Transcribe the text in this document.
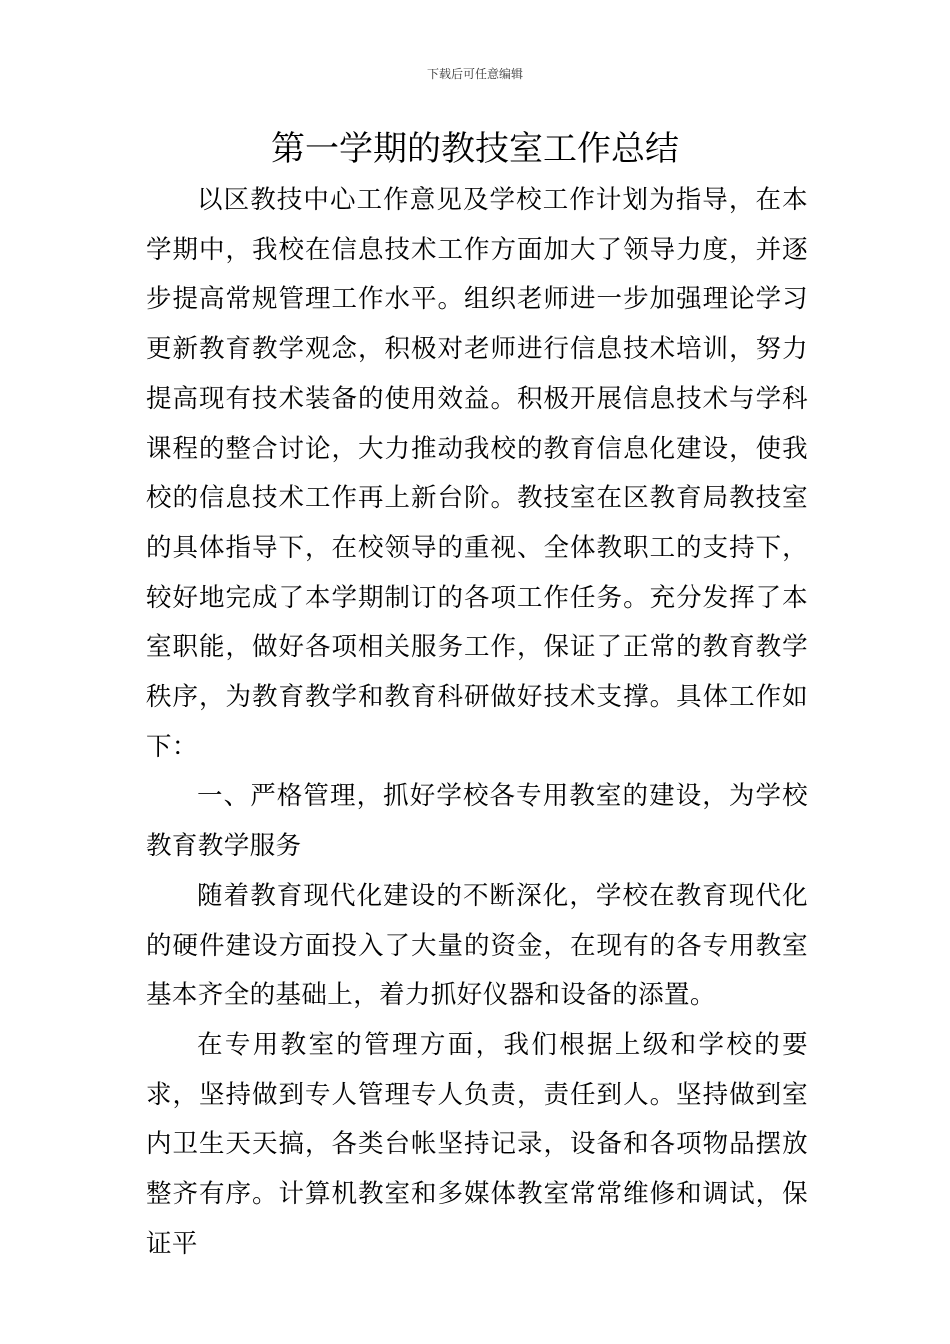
下载后可任意编辑
第一学期的教技室工作总结

以区教技中心工作意见及学校工作计划为指导，在本学期中，我校在信息技术工作方面加大了领导力度，并逐步提高常规管理工作水平。组织老师进一步加强理论学习更新教育教学观念，积极对老师进行信息技术培训，努力提高现有技术装备的使用效益。积极开展信息技术与学科课程的整合讨论，大力推动我校的教育信息化建设，使我校的信息技术工作再上新台阶。教技室在区教育局教技室的具体指导下，在校领导的重视、全体教职工的支持下，较好地完成了本学期制订的各项工作任务。充分发挥了本室职能，做好各项相关服务工作，保证了正常的教育教学秩序，为教育教学和教育科研做好技术支撑。具体工作如下：

一、严格管理，抓好学校各专用教室的建设，为学校教育教学服务

随着教育现代化建设的不断深化，学校在教育现代化的硬件建设方面投入了大量的资金，在现有的各专用教室基本齐全的基础上，着力抓好仪器和设备的添置。

在专用教室的管理方面，我们根据上级和学校的要求，坚持做到专人管理专人负责，责任到人。坚持做到室内卫生天天搞，各类台帐坚持记录，设备和各项物品摆放整齐有序。计算机教室和多媒体教室常常维修和调试，保证平
